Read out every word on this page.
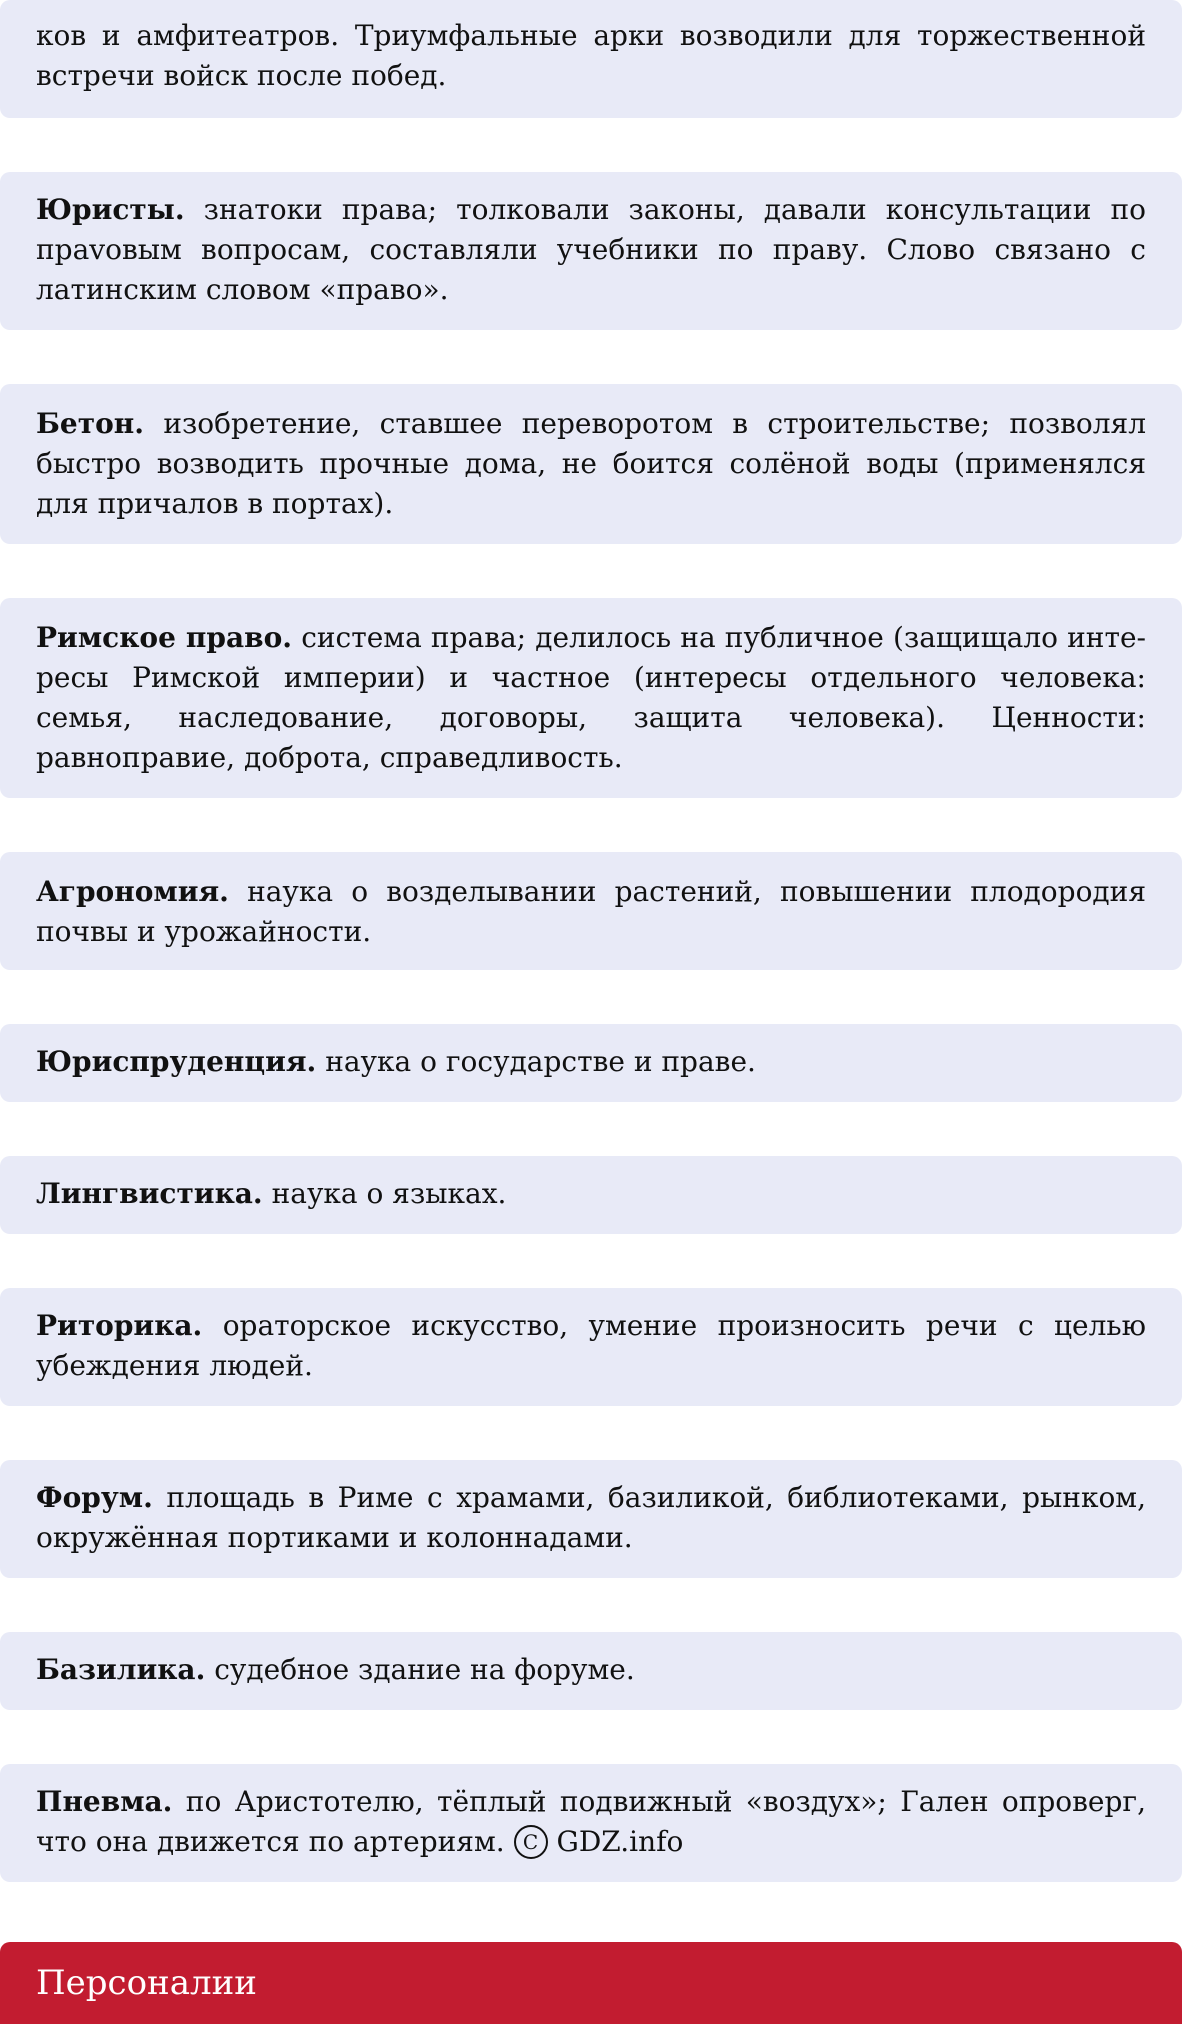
ков и амфитеатров. Триумфальные арки возводили для торжественной встречи войск после побед.

Юристы. знатоки права; толковали законы, давали консультации по праvовым вопросам, составляли учебники по праву. Слово связано с латинским словом «право».

Бетон. изобретение, ставшее переворотом в строительстве; позволял быстро возводить прочные дома, не боится солёной воды (применялся для причалов в портах).

Римское право. система права; делилось на публичное (защищало интересы Римской империи) и частное (интересы отдельного человека: семья, наследование, договоры, защита человека). Ценности: равноправие, доброта, справедливость.

Агрономия. наука о возделывании растений, повышении плодородия почвы и урожайности.

Юриспруденция. наука о государстве и праве.

Лингвистика. наука о языках.

Риторика. ораторское искусство, умение произносить речи с целью убеждения людей.

Форум. площадь в Риме с храмами, базиликой, библиотеками, рынком, окружённая портиками и колоннадами.

Базилика. судебное здание на форуме.

Пневма. по Аристотелю, тёплый подвижный «воздух»; Гален опроверг, что она движется по артериям. C GDZ.info

Персоналии
